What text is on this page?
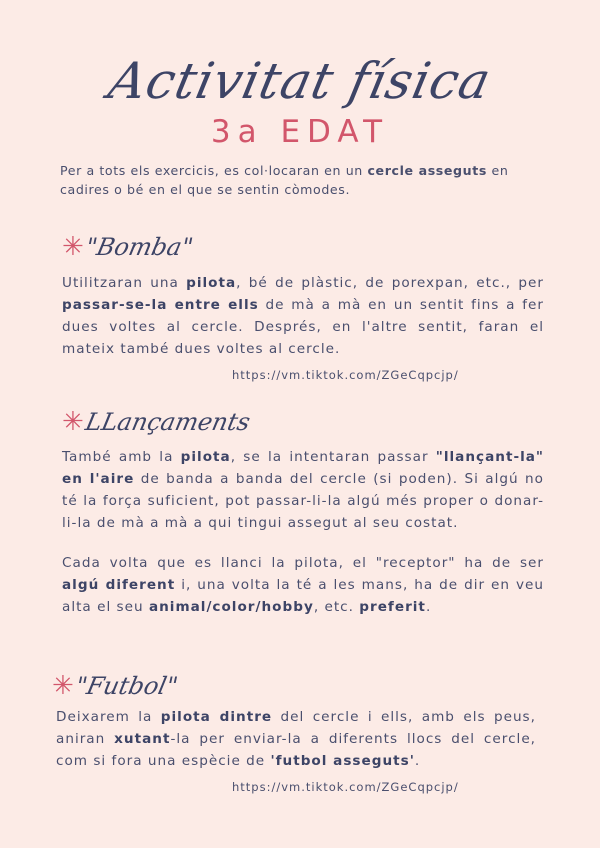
Activitat física
3a EDAT
Per a tots els exercicis, es col·locaran en un cercle asseguts en cadires o bé en el que se sentin còmodes.
✳ "Bomba"
Utilitzaran una pilota, bé de plàstic, de porexpan, etc., per passar-se-la entre ells de mà a mà en un sentit fins a fer dues voltes al cercle. Després, en l'altre sentit, faran el mateix també dues voltes al cercle.
https://vm.tiktok.com/ZGeCqpcjp/
✳ LLançaments
També amb la pilota, se la intentaran passar "llançant-la" en l'aire de banda a banda del cercle (si poden). Si algú no té la força suficient, pot passar-li-la algú més proper o donar-li-la de mà a mà a qui tingui assegut al seu costat.
Cada volta que es llanci la pilota, el "receptor" ha de ser algú diferent i, una volta la té a les mans, ha de dir en veu alta el seu animal/color/hobby, etc. preferit.
✳ "Futbol"
Deixarem la pilota dintre del cercle i ells, amb els peus, aniran xutant-la per enviar-la a diferents llocs del cercle, com si fora una espècie de 'futbol asseguts'.
https://vm.tiktok.com/ZGeCqpcjp/
